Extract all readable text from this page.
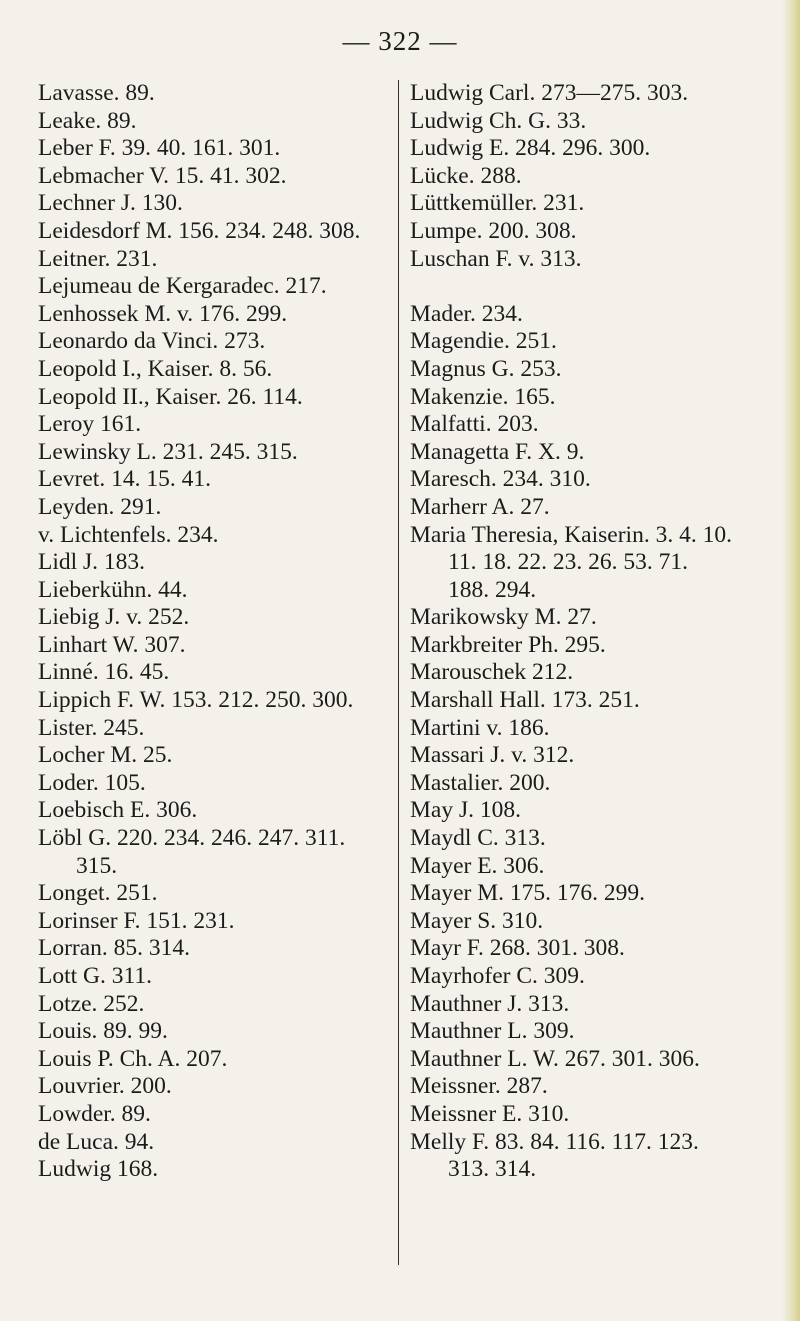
— 322 —
Lavasse. 89.
Leake. 89.
Leber F. 39. 40. 161. 301.
Lebmacher V. 15. 41. 302.
Lechner J. 130.
Leidesdorf M. 156. 234. 248. 308.
Leitner. 231.
Lejumeau de Kergaradec. 217.
Lenhossek M. v. 176. 299.
Leonardo da Vinci. 273.
Leopold I., Kaiser. 8. 56.
Leopold II., Kaiser. 26. 114.
Leroy 161.
Lewinsky L. 231. 245. 315.
Levret. 14. 15. 41.
Leyden. 291.
v. Lichtenfels. 234.
Lidl J. 183.
Lieberkühn. 44.
Liebig J. v. 252.
Linhart W. 307.
Linné. 16. 45.
Lippich F. W. 153. 212. 250. 300.
Lister. 245.
Locher M. 25.
Loder. 105.
Loebisch E. 306.
Löbl G. 220. 234. 246. 247. 311.
315.
Longet. 251.
Lorinser F. 151. 231.
Lorran. 85. 314.
Lott G. 311.
Lotze. 252.
Louis. 89. 99.
Louis P. Ch. A. 207.
Louvrier. 200.
Lowder. 89.
de Luca. 94.
Ludwig 168.
Ludwig Carl. 273—275. 303.
Ludwig Ch. G. 33.
Ludwig E. 284. 296. 300.
Lücke. 288.
Lüttkemüller. 231.
Lumpe. 200. 308.
Luschan F. v. 313.
Mader. 234.
Magendie. 251.
Magnus G. 253.
Makenzie. 165.
Malfatti. 203.
Managetta F. X. 9.
Maresch. 234. 310.
Marherr A. 27.
Maria Theresia, Kaiserin. 3. 4. 10.
11. 18. 22. 23. 26. 53. 71.
188. 294.
Marikowsky M. 27.
Markbreiter Ph. 295.
Marouschek 212.
Marshall Hall. 173. 251.
Martini v. 186.
Massari J. v. 312.
Mastalier. 200.
May J. 108.
Maydl C. 313.
Mayer E. 306.
Mayer M. 175. 176. 299.
Mayer S. 310.
Mayr F. 268. 301. 308.
Mayrhofer C. 309.
Mauthner J. 313.
Mauthner L. 309.
Mauthner L. W. 267. 301. 306.
Meissner. 287.
Meissner E. 310.
Melly F. 83. 84. 116. 117. 123.
313. 314.
